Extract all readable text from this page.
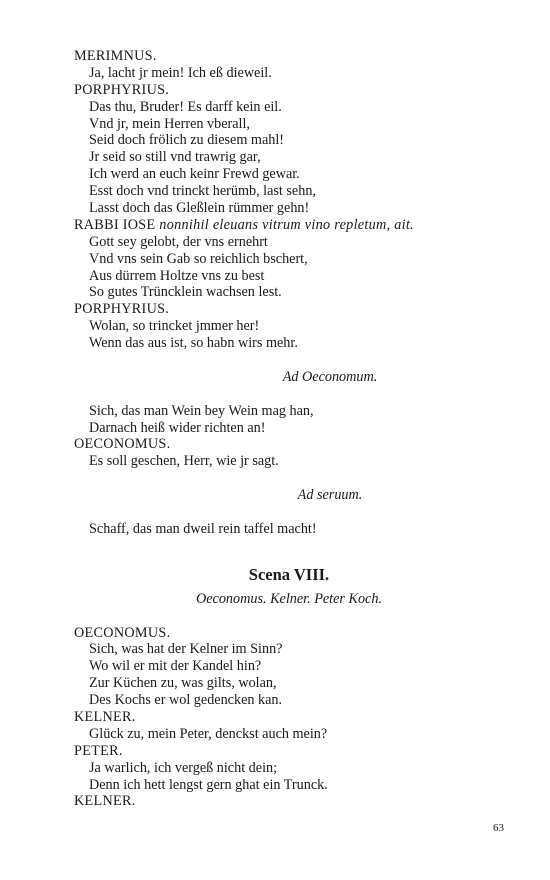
MERIMNUS.
Ja, lacht jr mein! Ich eß dieweil.
PORPHYRIUS.
Das thu, Bruder! Es darff kein eil.
Vnd jr, mein Herren vberall,
Seid doch frölich zu diesem mahl!
Jr seid so still vnd trawrig gar,
Ich werd an euch keinr Frewd gewar.
Esst doch vnd trinckt herümb, last sehn,
Lasst doch das Gleßlein rümmer gehn!
RABBI IOSE nonnihil eleuans vitrum vino repletum, ait.
Gott sey gelobt, der vns ernehrt
Vnd vns sein Gab so reichlich bschert,
Aus dürrem Holtze vns zu best
So gutes Trüncklein wachsen lest.
PORPHYRIUS.
Wolan, so trincket jmmer her!
Wenn das aus ist, so habn wirs mehr.
Ad Oeconomum.
Sich, das man Wein bey Wein mag han,
Darnach heiß wider richten an!
OECONOMUS.
Es soll geschen, Herr, wie jr sagt.
Ad seruum.
Schaff, das man dweil rein taffel macht!
Scena VIII.
Oeconomus. Kelner. Peter Koch.
OECONOMUS.
Sich, was hat der Kelner im Sinn?
Wo wil er mit der Kandel hin?
Zur Küchen zu, was gilts, wolan,
Des Kochs er wol gedencken kan.
KELNER.
Glück zu, mein Peter, denckst auch mein?
PETER.
Ja warlich, ich vergeß nicht dein;
Denn ich hett lengst gern ghat ein Trunck.
KELNER.
63
